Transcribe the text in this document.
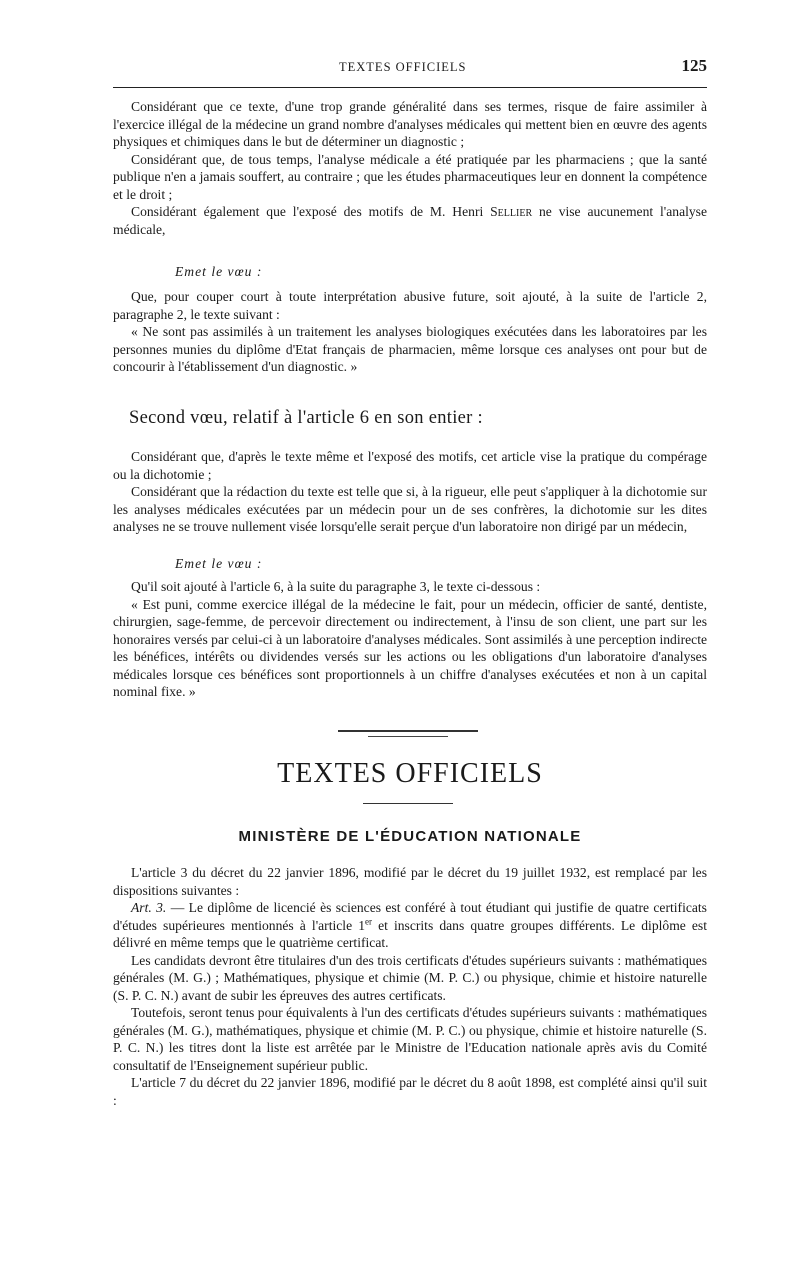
TEXTES OFFICIELS	125

Considérant que ce texte, d'une trop grande généralité dans ses termes, risque de faire assimiler à l'exercice illégal de la médecine un grand nombre d'analyses médicales qui mettent bien en œuvre des agents physiques et chimiques dans le but de déterminer un diagnostic ;

Considérant que, de tous temps, l'analyse médicale a été pratiquée par les pharmaciens ; que la santé publique n'en a jamais souffert, au contraire ; que les études pharmaceutiques leur en donnent la compétence et le droit ;

Considérant également que l'exposé des motifs de M. Henri Sellier ne vise aucunement l'analyse médicale,

Emet le vœu :

Que, pour couper court à toute interprétation abusive future, soit ajouté, à la suite de l'article 2, paragraphe 2, le texte suivant :

« Ne sont pas assimilés à un traitement les analyses biologiques exécutées dans les laboratoires par les personnes munies du diplôme d'Etat français de pharmacien, même lorsque ces analyses ont pour but de concourir à l'établissement d'un diagnostic. »

Second vœu, relatif à l'article 6 en son entier :

Considérant que, d'après le texte même et l'exposé des motifs, cet article vise la pratique du compérage ou la dichotomie ;

Considérant que la rédaction du texte est telle que si, à la rigueur, elle peut s'appliquer à la dichotomie sur les analyses médicales exécutées par un médecin pour un de ses confrères, la dichotomie sur les dites analyses ne se trouve nullement visée lorsqu'elle serait perçue d'un laboratoire non dirigé par un médecin,

Emet le vœu :

Qu'il soit ajouté à l'article 6, à la suite du paragraphe 3, le texte ci-dessous :

« Est puni, comme exercice illégal de la médecine le fait, pour un médecin, officier de santé, dentiste, chirurgien, sage-femme, de percevoir directement ou indirectement, à l'insu de son client, une part sur les honoraires versés par celui-ci à un laboratoire d'analyses médicales. Sont assimilés à une perception indirecte les bénéfices, intérêts ou dividendes versés sur les actions ou les obligations d'un laboratoire d'analyses médicales lorsque ces bénéfices sont proportionnels à un chiffre d'analyses exécutées et non à un capital nominal fixe. »

TEXTES OFFICIELS
MINISTÈRE DE L'ÉDUCATION NATIONALE

L'article 3 du décret du 22 janvier 1896, modifié par le décret du 19 juillet 1932, est remplacé par les dispositions suivantes :

Art. 3. — Le diplôme de licencié ès sciences est conféré à tout étudiant qui justifie de quatre certificats d'études supérieures mentionnés à l'article 1er et inscrits dans quatre groupes différents. Le diplôme est délivré en même temps que le quatrième certificat.

Les candidats devront être titulaires d'un des trois certificats d'études supérieurs suivants : mathématiques générales (M. G.) ; Mathématiques, physique et chimie (M. P. C.) ou physique, chimie et histoire naturelle (S. P. C. N.) avant de subir les épreuves des autres certificats.

Toutefois, seront tenus pour équivalents à l'un des certificats d'études supérieurs suivants : mathématiques générales (M. G.), mathématiques, physique et chimie (M. P. C.) ou physique, chimie et histoire naturelle (S. P. C. N.) les titres dont la liste est arrêtée par le Ministre de l'Education nationale après avis du Comité consultatif de l'Enseignement supérieur public.

L'article 7 du décret du 22 janvier 1896, modifié par le décret du 8 août 1898, est complété ainsi qu'il suit :
